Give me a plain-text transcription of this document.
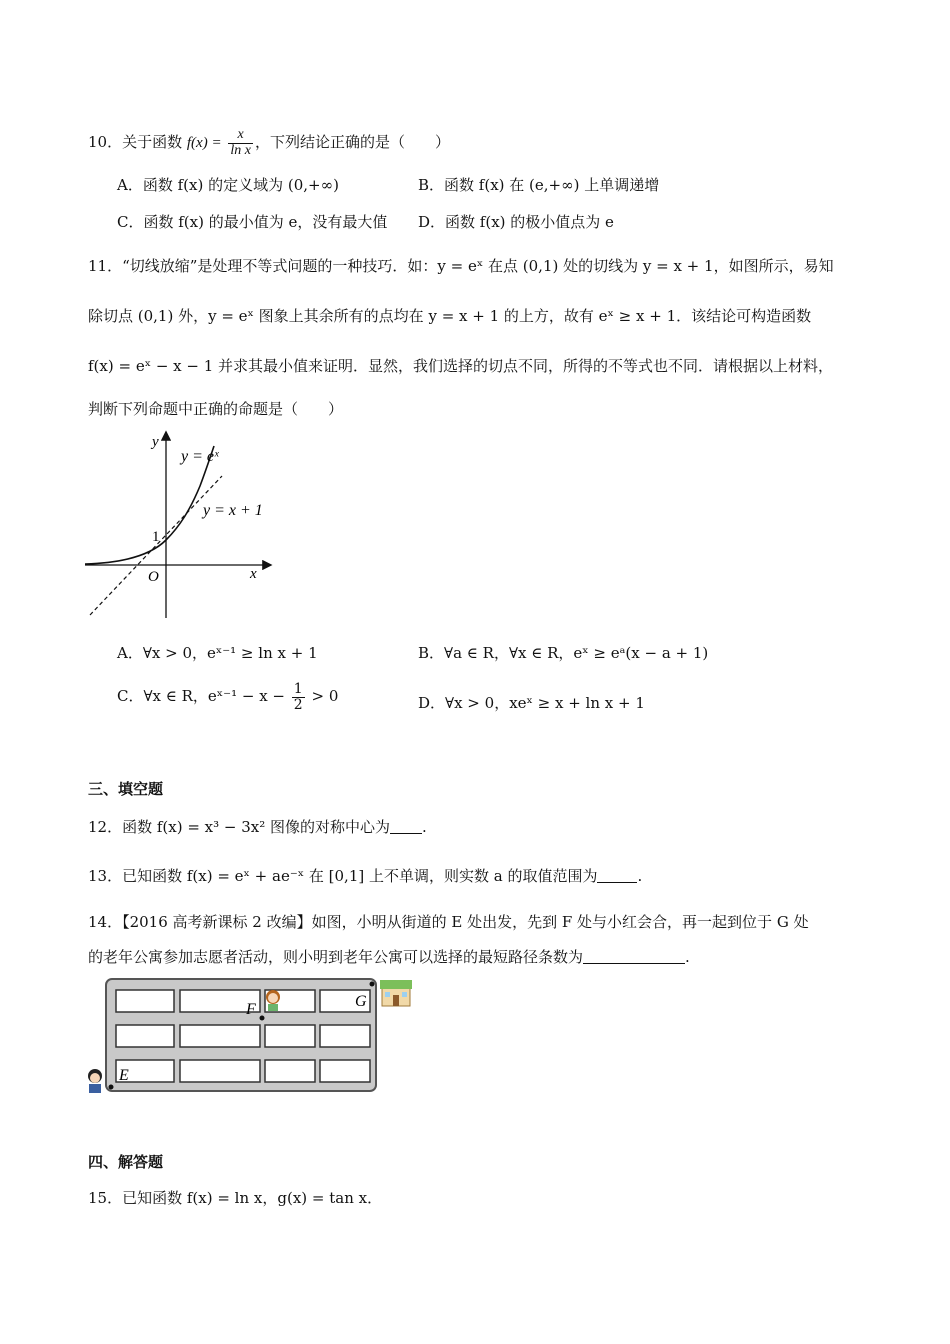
10．关于函数 $f(x) = \frac{x}{\text{ln x}}$ ，下列结论正确的是（　　）
A．函数 f(x) 的定义域为 (0,+∞)	B．函数 f(x) 在 (e,+∞) 上单调递增
C．函数 f(x) 的最小值为 e，没有最大值 D．函数 f(x) 的极小值点为 e
11．“切线放缩”是处理不等式问题的一种技巧．如：y = eˣ 在点 (0,1) 处的切线为 y = x + 1，如图所示，易知
除切点 (0,1) 外，y = eˣ 图象上其余所有的点均在 y = x + 1 的上方，故有 eˣ ≥ x + 1．该结论可构造函数
f(x) = eˣ − x − 1 并求其最小值来证明．显然，我们选择的切点不同，所得的不等式也不同．请根据以上材料，
判断下列命题中正确的命题是（　　）
y
x
O
1
y = eˣ
y = x + 1
A．∀x > 0，eˣ⁻¹ ≥ ln x + 1	B．∀a ∈ R，∀x ∈ R，eˣ ≥ eᵃ(x − a + 1)
C．∀x ∈ R，eˣ⁻¹ − $x - \frac{1}{2} > 0$	D．∀x > 0，xeˣ ≥ x + ln x + 1
三、填空题
12．函数 f(x) = x³ − 3x² 图像的对称中心为 .
13．已知函数 f(x) = eˣ + ae⁻ˣ 在 [0,1] 上不单调，则实数 a 的取值范围为	.
14．【2016 高考新课标 2 改编】如图，小明从街道的 E 处出发，先到 F 处与小红会合，再一起到位于 G 处
的老年公寓参加志愿者活动，则小明到老年公寓可以选择的最短路径条数为	.
F	G
E
四、解答题
15．已知函数 f(x) = ln x，g(x) = tan x．
